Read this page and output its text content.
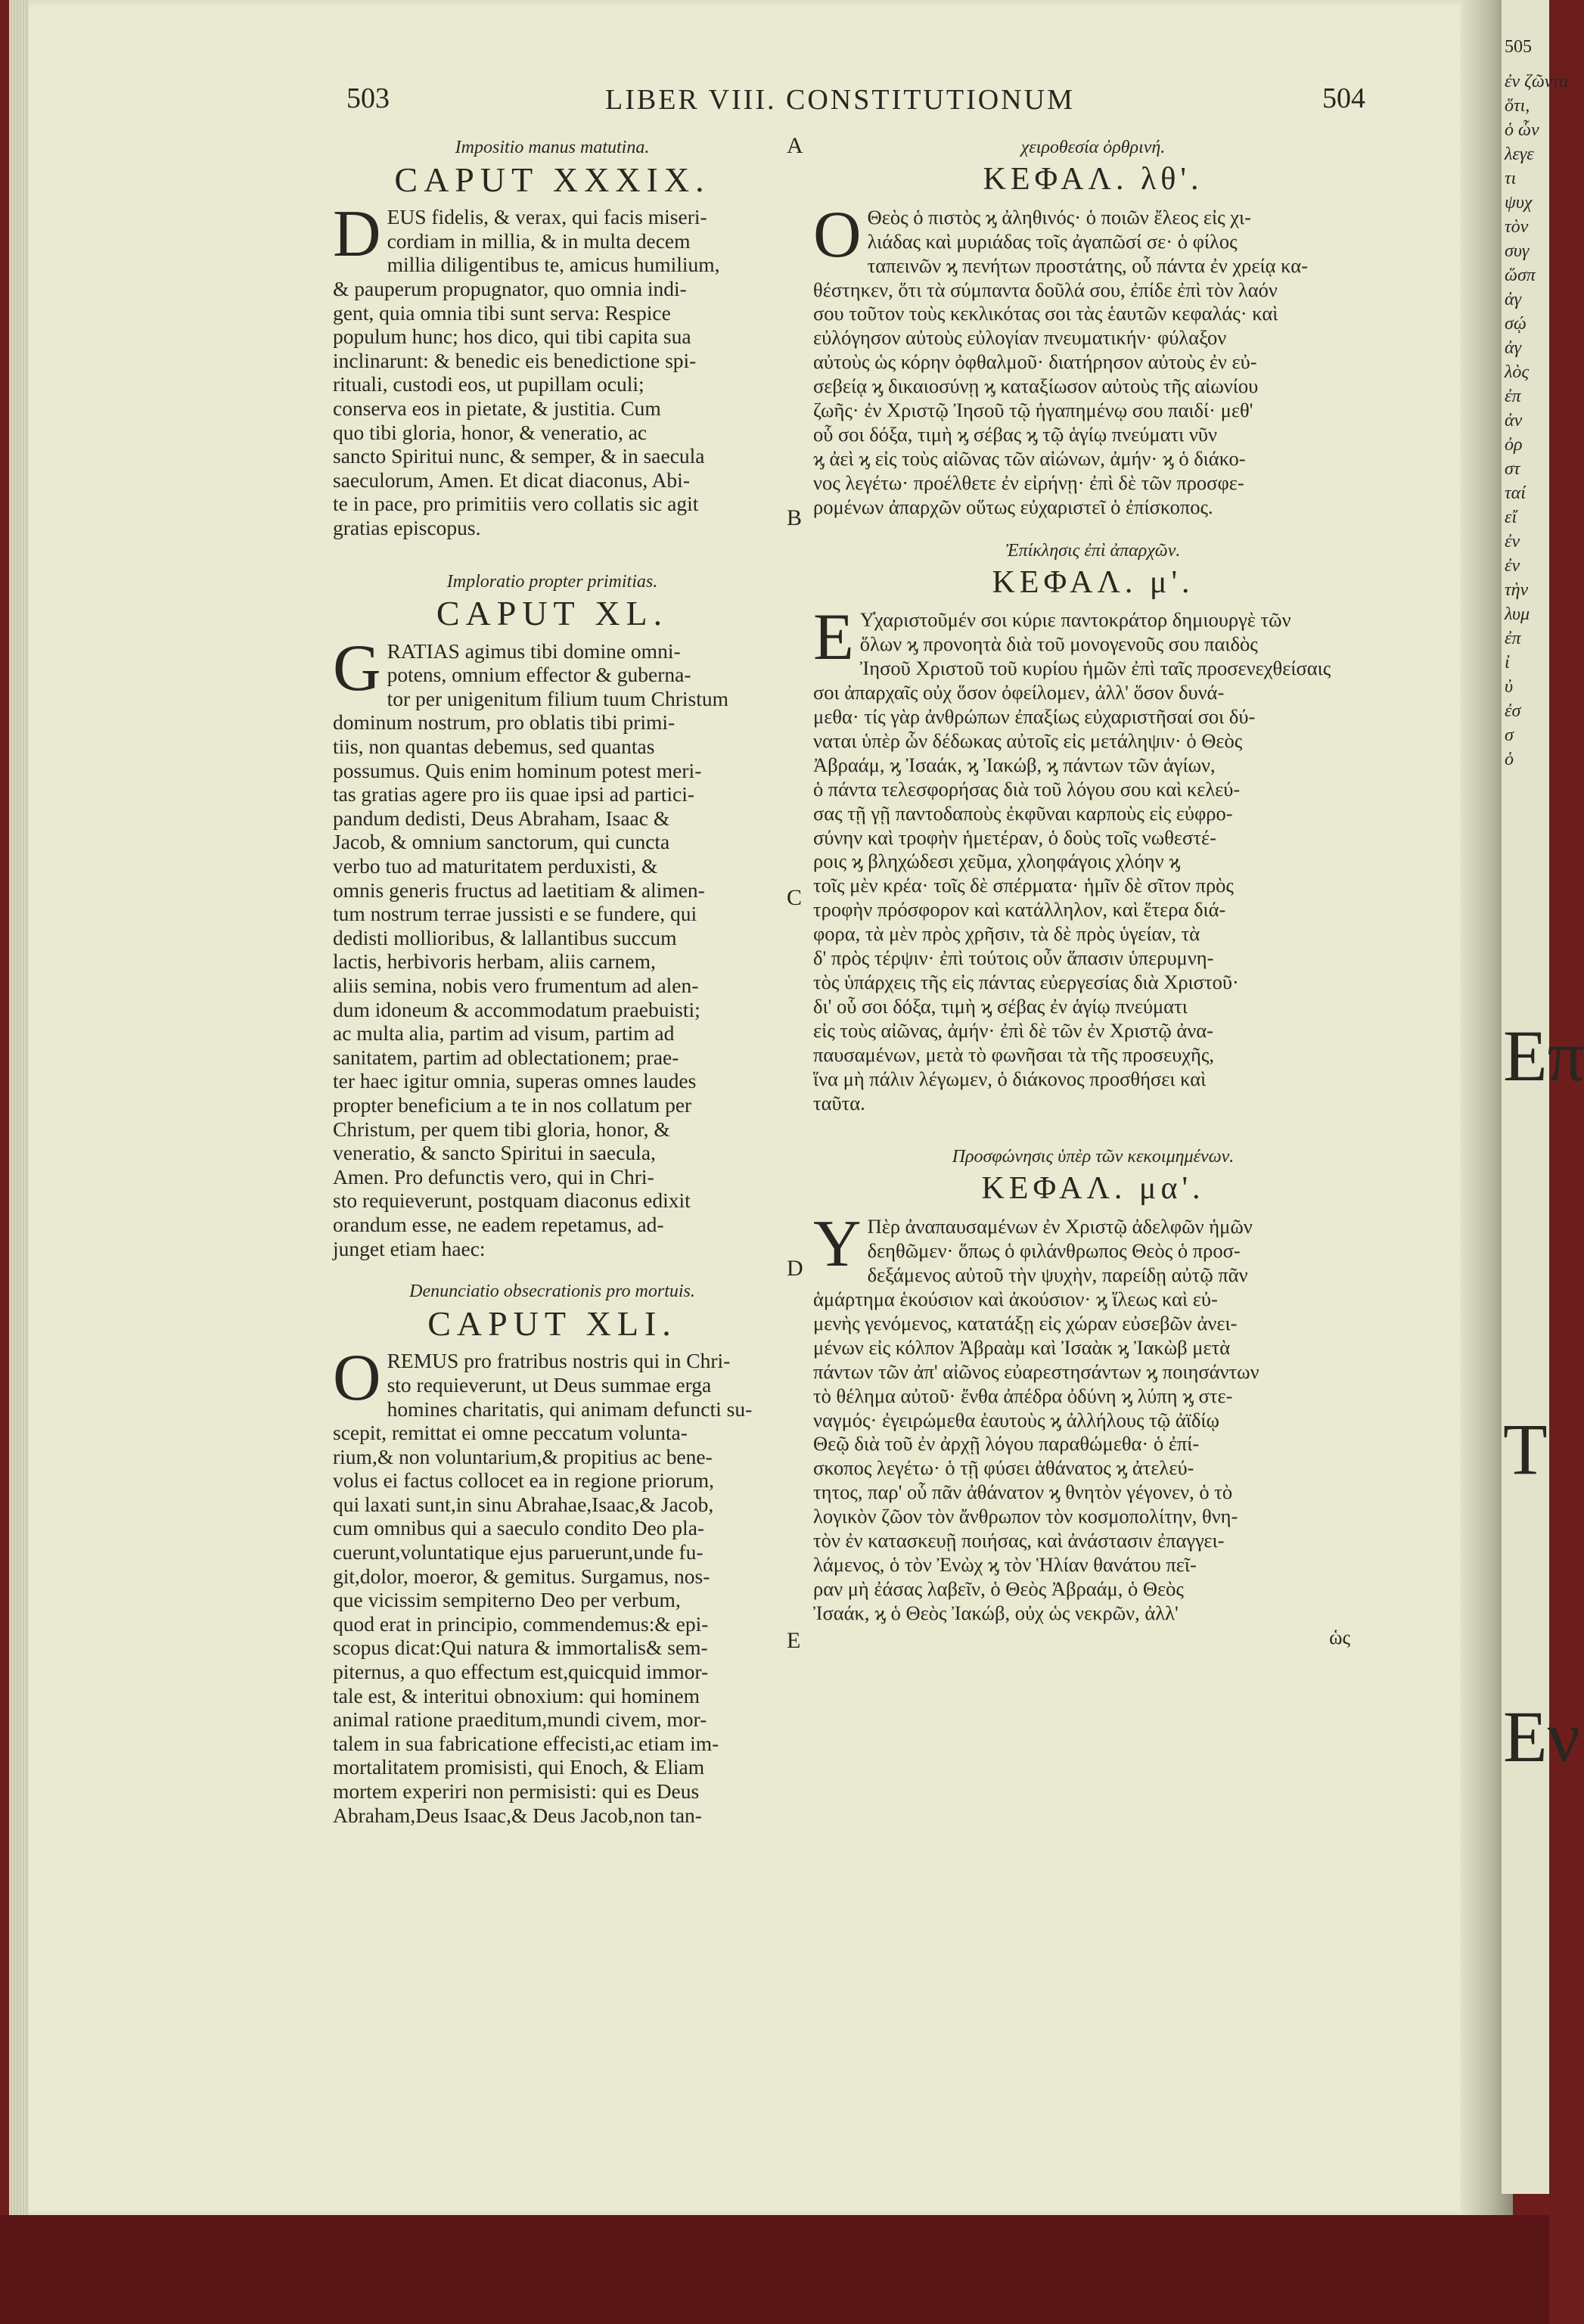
503	LIBER VIII. CONSTITUTIONUM	504
A
B
C
D
E
Impositio manus matutina.
CAPUT XXXIX.
D EUS fidelis, & verax, qui facis miseri-

cordiam in millia, & in multa decem

millia diligentibus te, amicus humilium,

& pauperum propugnator, quo omnia indi-

gent, quia omnia tibi sunt serva: Respice

populum hunc; hos dico, qui tibi capita sua

inclinarunt: & benedic eis benedictione spi-

rituali, custodi eos, ut pupillam oculi;

conserva eos in pietate, & justitia. Cum

quo tibi gloria, honor, & veneratio, ac

sancto Spiritui nunc, & semper, & in saecula

saeculorum, Amen. Et dicat diaconus, Abi-

te in pace, pro primitiis vero collatis sic agit

gratias episcopus.

Imploratio propter primitias.
CAPUT XL.
G RATIAS agimus tibi domine omni-

potens, omnium effector & guberna-

tor per unigenitum filium tuum Christum

dominum nostrum, pro oblatis tibi primi-

tiis, non quantas debemus, sed quantas

possumus. Quis enim hominum potest meri-

tas gratias agere pro iis quae ipsi ad partici-

pandum dedisti, Deus Abraham, Isaac &

Jacob, & omnium sanctorum, qui cuncta

verbo tuo ad maturitatem perduxisti, &

omnis generis fructus ad laetitiam & alimen-

tum nostrum terrae jussisti e se fundere, qui

dedisti mollioribus, & lallantibus succum

lactis, herbivoris herbam, aliis carnem,

aliis semina, nobis vero frumentum ad alen-

dum idoneum & accommodatum praebuisti;

ac multa alia, partim ad visum, partim ad

sanitatem, partim ad oblectationem; prae-

ter haec igitur omnia, superas omnes laudes

propter beneficium a te in nos collatum per

Christum, per quem tibi gloria, honor, &

veneratio, & sancto Spiritui in saecula,

Amen. Pro defunctis vero, qui in Chri-

sto requieverunt, postquam diaconus edixit

orandum esse, ne eadem repetamus, ad-

junget etiam haec:

Denunciatio obsecrationis pro mortuis.
CAPUT XLI.
O REMUS pro fratribus nostris qui in Chri-

sto requieverunt, ut Deus summae erga

homines charitatis, qui animam defuncti su-

scepit, remittat ei omne peccatum volunta-

rium,& non voluntarium,& propitius ac bene-

volus ei factus collocet ea in regione priorum,

qui laxati sunt,in sinu Abrahae,Isaac,& Jacob,

cum omnibus qui a saeculo condito Deo pla-

cuerunt,voluntatique ejus paruerunt,unde fu-

git,dolor, moeror, & gemitus. Surgamus, nos-

que vicissim sempiterno Deo per verbum,

quod erat in principio, commendemus:& epi-

scopus dicat:Qui natura & immortalis& sem-

piternus, a quo effectum est,quicquid immor-

tale est, & interitui obnoxium: qui hominem

animal ratione praeditum,mundi civem, mor-

talem in sua fabricatione effecisti,ac etiam im-

mortalitatem promisisti, qui Enoch, & Eliam

mortem experiri non permisisti: qui es Deus

Abraham,Deus Isaac,& Deus Jacob,non tan-

χειροθεσία ὀρθρινή.
ΚΕΦΑΛ. λθ'.
Ο Θεὸς ὁ πιστὸς ϗ ἀληθινός· ὁ ποιῶν ἔλεος εἰς χι-

λιάδας καὶ μυριάδας τοῖς ἀγαπῶσί σε· ὁ φίλος

ταπεινῶν ϗ πενήτων προστάτης, οὗ πάντα ἐν χρείᾳ κα-

θέστηκεν, ὅτι τὰ σύμπαντα δοῦλά σου, ἐπίδε ἐπὶ τὸν λαόν

σου τοῦτον τοὺς κεκλικότας σοι τὰς ἑαυτῶν κεφαλάς· καὶ

εὐλόγησον αὐτοὺς εὐλογίαν πνευματικήν· φύλαξον

αὐτοὺς ὡς κόρην ὀφθαλμοῦ· διατήρησον αὐτοὺς ἐν εὐ-

σεβείᾳ ϗ δικαιοσύνῃ ϗ καταξίωσον αὐτοὺς τῆς αἰωνίου

ζωῆς· ἐν Χριστῷ Ἰησοῦ τῷ ἠγαπημένῳ σου παιδί· μεθ'

οὗ σοι δόξα, τιμὴ ϗ σέβας ϗ τῷ ἁγίῳ πνεύματι νῦν

ϗ ἀεὶ ϗ εἰς τοὺς αἰῶνας τῶν αἰώνων, ἀμήν· ϗ ὁ διάκο-

νος λεγέτω· προέλθετε ἐν εἰρήνῃ· ἐπὶ δὲ τῶν προσφε-

ρομένων ἀπαρχῶν οὕτως εὐχαριστεῖ ὁ ἐπίσκοπος.

Ἐπίκλησις ἐπὶ ἀπαρχῶν.
ΚΕΦΑΛ. μ'.
Ε Υ̓χαριστοῦμέν σοι κύριε παντοκράτορ δημιουργὲ τῶν

ὅλων ϗ προνοητὰ διὰ τοῦ μονογενοῦς σου παιδὸς

Ἰησοῦ Χριστοῦ τοῦ κυρίου ἡμῶν ἐπὶ ταῖς προσενεχθείσαις

σοι ἀπαρχαῖς οὐχ ὅσον ὀφείλομεν, ἀλλ' ὅσον δυνά-

μεθα· τίς γὰρ ἀνθρώπων ἐπαξίως εὐχαριστῆσαί σοι δύ-

ναται ὑπὲρ ὧν δέδωκας αὐτοῖς εἰς μετάληψιν· ὁ Θεὸς

Ἀβραάμ, ϗ Ἰσαάκ, ϗ Ἰακώβ, ϗ πάντων τῶν ἁγίων,

ὁ πάντα τελεσφορήσας διὰ τοῦ λόγου σου καὶ κελεύ-

σας τῇ γῇ παντοδαποὺς ἐκφῦναι καρποὺς εἰς εὐφρο-

σύνην καὶ τροφὴν ἡμετέραν, ὁ δοὺς τοῖς νωθεστέ-

ροις ϗ βληχώδεσι χεῦμα, χλοηφάγοις χλόην ϗ

τοῖς μὲν κρέα· τοῖς δὲ σπέρματα· ἡμῖν δὲ σῖτον πρὸς

τροφὴν πρόσφορον καὶ κατάλληλον, καὶ ἕτερα διά-

φορα, τὰ μὲν πρὸς χρῆσιν, τὰ δὲ πρὸς ὑγείαν, τὰ

δ' πρὸς τέρψιν· ἐπὶ τούτοις οὖν ἅπασιν ὑπερυμνη-

τὸς ὑπάρχεις τῆς εἰς πάντας εὐεργεσίας διὰ Χριστοῦ·

δι' οὗ σοι δόξα, τιμὴ ϗ σέβας ἐν ἁγίῳ πνεύματι

εἰς τοὺς αἰῶνας, ἀμήν· ἐπὶ δὲ τῶν ἐν Χριστῷ ἀνα-

παυσαμένων, μετὰ τὸ φωνῆσαι τὰ τῆς προσευχῆς,

ἵνα μὴ πάλιν λέγωμεν, ὁ διάκονος προσθήσει καὶ

ταῦτα.

Προσφώνησις ὑπὲρ τῶν κεκοιμημένων.
ΚΕΦΑΛ. μα'.
Υ Πὲρ ἀναπαυσαμένων ἐν Χριστῷ ἀδελφῶν ἡμῶν

δεηθῶμεν· ὅπως ὁ φιλάνθρωπος Θεὸς ὁ προσ-

δεξάμενος αὐτοῦ τὴν ψυχὴν, παρείδῃ αὐτῷ πᾶν

ἁμάρτημα ἑκούσιον καὶ ἀκούσιον· ϗ ἵλεως καὶ εὐ-

μενὴς γενόμενος, κατατάξῃ εἰς χώραν εὐσεβῶν ἀνει-

μένων εἰς κόλπον Ἀβραὰμ καὶ Ἰσαὰκ ϗ Ἰακὼβ μετὰ

πάντων τῶν ἀπ' αἰῶνος εὐαρεστησάντων ϗ ποιησάντων

τὸ θέλημα αὐτοῦ· ἔνθα ἀπέδρα ὀδύνη ϗ λύπη ϗ στε-

ναγμός· ἐγειρώμεθα ἑαυτοὺς ϗ ἀλλήλους τῷ ἀϊδίῳ

Θεῷ διὰ τοῦ ἐν ἀρχῇ λόγου παραθώμεθα· ὁ ἐπί-

σκοπος λεγέτω· ὁ τῇ φύσει ἀθάνατος ϗ ἀτελεύ-

τητος, παρ' οὗ πᾶν ἀθάνατον ϗ θνητὸν γέγονεν, ὁ τὸ

λογικὸν ζῶον τὸν ἄνθρωπον τὸν κοσμοπολίτην, θνη-

τὸν ἐν κατασκευῇ ποιήσας, καὶ ἀνάστασιν ἐπαγγει-

λάμενος, ὁ τὸν Ἐνὼχ ϗ τὸν Ἡλίαν θανάτου πεῖ-

ραν μὴ ἐάσας λαβεῖν, ὁ Θεὸς Ἀβραάμ, ὁ Θεὸς

Ἰσαάκ, ϗ ὁ Θεὸς Ἰακώβ, οὐχ ὡς νεκρῶν, ἀλλ'

ὡς

505
ἐν ζῶντα
ὅτι,
ὁ ὧν
λεγε
τι
ψυχ
τὸν
συγ
ὥσπ
ἀγ
σῴ
ἀγ
λὸς
ἐπ
ἀν
ὀρ
στ
ταί
εἴ
ἐν
ἐν
τὴν
λυμ
ἐπ
ἰ
ὐ
ἐσ
σ
ὁ
Επ
Τ
Εν
